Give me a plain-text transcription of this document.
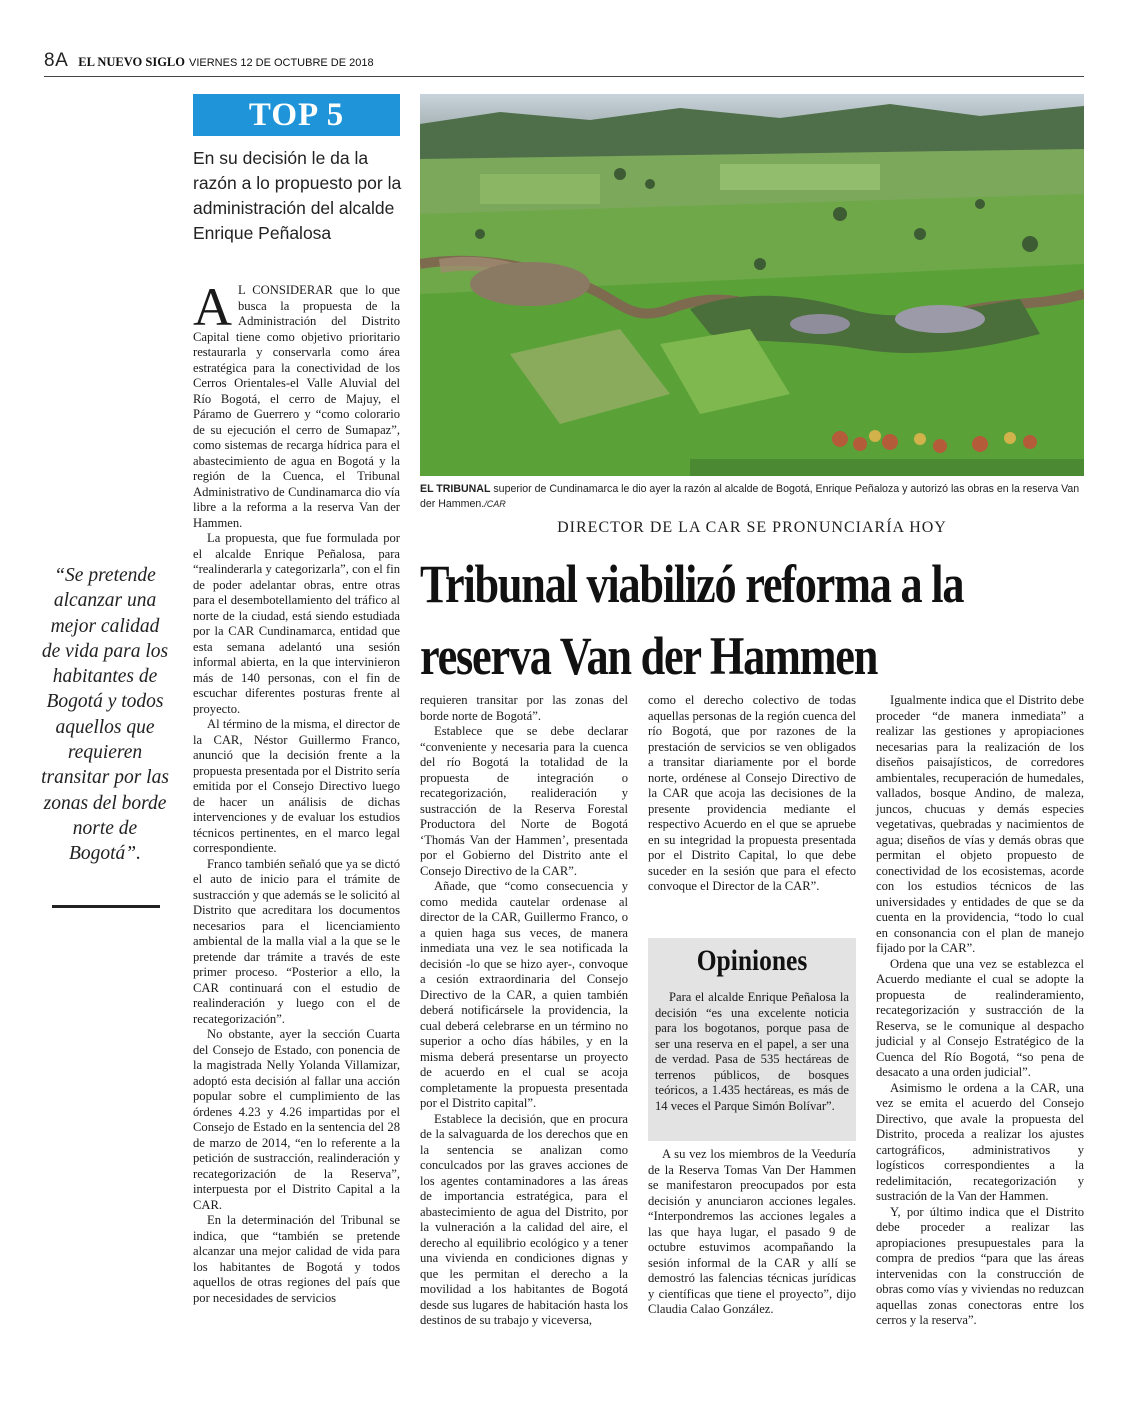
8A EL NUEVO SIGLO VIERNES 12 DE OCTUBRE DE 2018
TOP 5
En su decisión le da la razón a lo propuesto por la administración del alcalde Enrique Peñalosa
EL TRIBUNAL superior de Cundinamarca le dio ayer la razón al alcalde de Bogotá, Enrique Peñaloza y autorizó las obras en la reserva Van der Hammen./CAR
DIRECTOR DE LA CAR SE PRONUNCIARÍA HOY
Tribunal viabilizó reforma a la reserva Van der Hammen
“Se pretende alcanzar una mejor calidad de vida para los habitantes de Bogotá y todos aquellos que requieren transitar por las zonas del borde norte de Bogotá”.

A L CONSIDERAR que lo que busca la propuesta de la Administración del Distrito Capital tiene como objetivo prioritario restaurarla y conservarla como área estratégica para la conectividad de los Cerros Orientales-el Valle Aluvial del Río Bogotá, el cerro de Majuy, el Páramo de Guerrero y “como colorario de su ejecución el cerro de Sumapaz”, como sistemas de recarga hídrica para el abastecimiento de agua en Bogotá y la región de la Cuenca, el Tribunal Administrativo de Cundinamarca dio vía libre a la reforma a la reserva Van der Hammen.

La propuesta, que fue formulada por el alcalde Enrique Peñalosa, para “realinderarla y categorizarla”, con el fin de poder adelantar obras, entre otras para el desembotellamiento del tráfico al norte de la ciudad, está siendo estudiada por la CAR Cundinamarca, entidad que esta semana adelantó una sesión informal abierta, en la que intervinieron más de 140 personas, con el fin de escuchar diferentes posturas frente al proyecto.

Al término de la misma, el director de la CAR, Néstor Guillermo Franco, anunció que la decisión frente a la propuesta presentada por el Distrito sería emitida por el Consejo Directivo luego de hacer un análisis de dichas intervenciones y de evaluar los estudios técnicos pertinentes, en el marco legal correspondiente.

Franco también señaló que ya se dictó el auto de inicio para el trámite de sustracción y que además se le solicitó al Distrito que acreditara los documentos necesarios para el licenciamiento ambiental de la malla vial a la que se le pretende dar trámite a través de este primer proceso. “Posterior a ello, la CAR continuará con el estudio de realinderación y luego con el de recategorización”.

No obstante, ayer la sección Cuarta del Consejo de Estado, con ponencia de la magistrada Nelly Yolanda Villamizar, adoptó esta decisión al fallar una acción popular sobre el cumplimiento de las órdenes 4.23 y 4.26 impartidas por el Consejo de Estado en la sentencia del 28 de marzo de 2014, “en lo referente a la petición de sustracción, realinderación y recategorización de la Reserva”, interpuesta por el Distrito Capital a la CAR.

En la determinación del Tribunal se indica, que “también se pretende alcanzar una mejor calidad de vida para los habitantes de Bogotá y todos aquellos de otras regiones del país que por necesidades de servicios

requieren transitar por las zonas del borde norte de Bogotá”.

Establece que se debe declarar “conveniente y necesaria para la cuenca del río Bogotá la totalidad de la propuesta de integración o recategorización, realideración y sustracción de la Reserva Forestal Productora del Norte de Bogotá ‘Thomás Van der Hammen’, presentada por el Gobierno del Distrito ante el Consejo Directivo de la CAR”.

Añade, que “como consecuencia y como medida cautelar ordenase al director de la CAR, Guillermo Franco, o a quien haga sus veces, de manera inmediata una vez le sea notificada la decisión -lo que se hizo ayer-, convoque a cesión extraordinaria del Consejo Directivo de la CAR, a quien también deberá notificársele la providencia, la cual deberá celebrarse en un término no superior a ocho días hábiles, y en la misma deberá presentarse un proyecto de acuerdo en el cual se acoja completamente la propuesta presentada por el Distrito capital”.

Establece la decisión, que en procura de la salvaguarda de los derechos que en la sentencia se analizan como conculcados por las graves acciones de los agentes contaminadores a las áreas de importancia estratégica, para el abastecimiento de agua del Distrito, por la vulneración a la calidad del aire, el derecho al equilibrio ecológico y a tener una vivienda en condiciones dignas y que les permitan el derecho a la movilidad a los habitantes de Bogotá desde sus lugares de habitación hasta los destinos de su trabajo y viceversa,

como el derecho colectivo de todas aquellas personas de la región cuenca del río Bogotá, que por razones de la prestación de servicios se ven obligados a transitar diariamente por el borde norte, ordénese al Consejo Directivo de la CAR que acoja las decisiones de la presente providencia mediante el respectivo Acuerdo en el que se apruebe en su integridad la propuesta presentada por el Distrito Capital, lo que debe suceder en la sesión que para el efecto convoque el Director de la CAR”.

Opiniones

Para el alcalde Enrique Peñalosa la decisión “es una excelente noticia para los bogotanos, porque pasa de ser una reserva en el papel, a ser una de verdad. Pasa de 535 hectáreas de terrenos públicos, de bosques teóricos, a 1.435 hectáreas, es más de 14 veces el Parque Simón Bolívar”.

A su vez los miembros de la Veeduría de la Reserva Tomas Van Der Hammen se manifestaron preocupados por esta decisión y anunciaron acciones legales. “Interpondremos las acciones legales a las que haya lugar, el pasado 9 de octubre estuvimos acompañando la sesión informal de la CAR y allí se demostró las falencias técnicas jurídicas y científicas que tiene el proyecto”, dijo Claudia Calao González.

Igualmente indica que el Distrito debe proceder “de manera inmediata” a realizar las gestiones y apropiaciones necesarias para la realización de los diseños paisajísticos, de corredores ambientales, recuperación de humedales, vallados, bosque Andino, de maleza, juncos, chucuas y demás especies vegetativas, quebradas y nacimientos de agua; diseños de vías y demás obras que permitan el objeto propuesto de conectividad de los ecosistemas, acorde con los estudios técnicos de las universidades y entidades de que se da cuenta en la providencia, “todo lo cual en consonancia con el plan de manejo fijado por la CAR”.

Ordena que una vez se establezca el Acuerdo mediante el cual se adopte la propuesta de realinderamiento, recategorización y sustracción de la Reserva, se le comunique al despacho judicial y al Consejo Estratégico de la Cuenca del Río Bogotá, “so pena de desacato a una orden judicial”.

Asimismo le ordena a la CAR, una vez se emita el acuerdo del Consejo Directivo, que avale la propuesta del Distrito, proceda a realizar los ajustes cartográficos, administrativos y logísticos correspondientes a la redelimitación, recategorización y sustración de la Van der Hammen.

Y, por último indica que el Distrito debe proceder a realizar las apropiaciones presupuestales para la compra de predios “para que las áreas intervenidas con la construcción de obras como vías y viviendas no reduzcan aquellas zonas conectoras entre los cerros y la reserva”.
